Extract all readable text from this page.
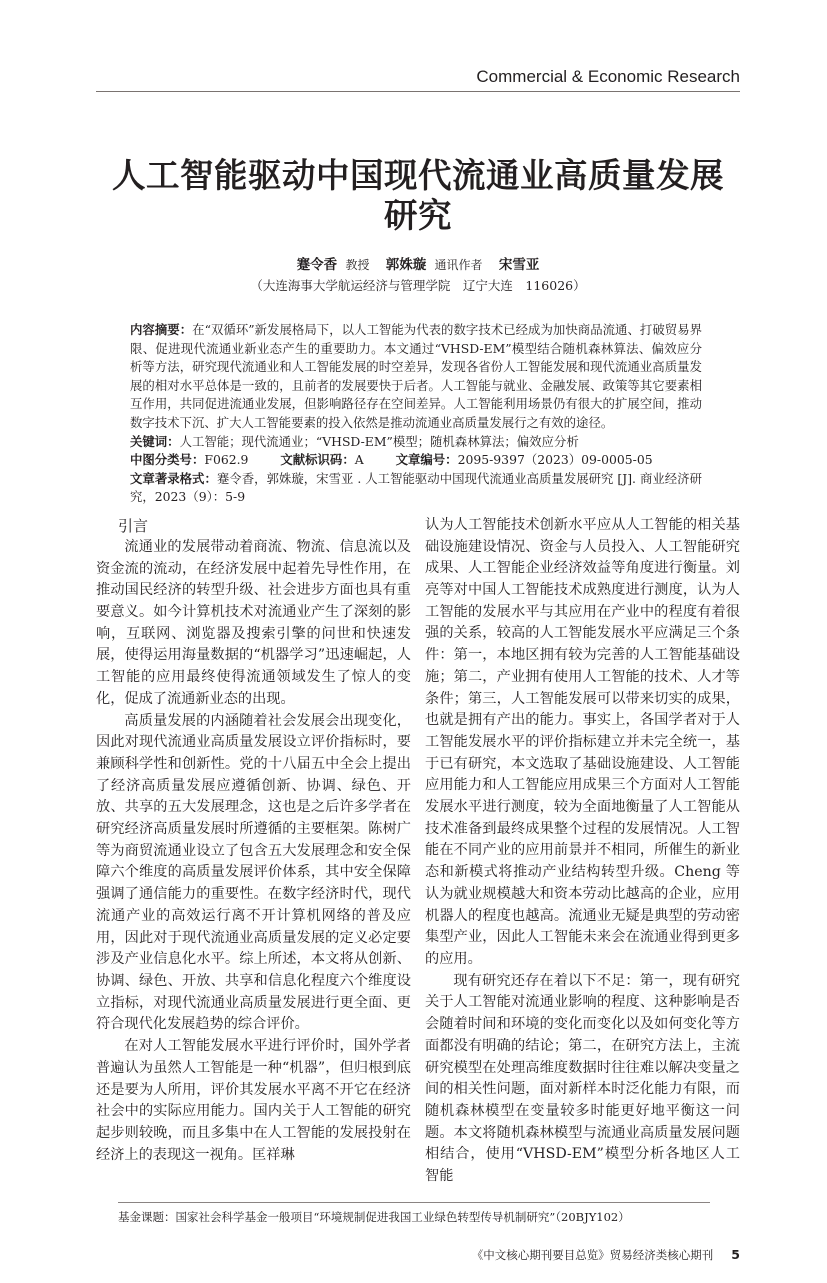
Commercial & Economic Research
人工智能驱动中国现代流通业高质量发展研究
蹇令香 教授 郭姝璇 通讯作者 宋雪亚
（大连海事大学航运经济与管理学院　辽宁大连　116026）
内容摘要：在“双循环”新发展格局下，以人工智能为代表的数字技术已经成为加快商品流通、打破贸易界限、促进现代流通业新业态产生的重要助力。本文通过“VHSD-EM”模型结合随机森林算法、偏效应分析等方法，研究现代流通业和人工智能发展的时空差异，发现各省份人工智能发展和现代流通业高质量发展的相对水平总体是一致的，且前者的发展要快于后者。人工智能与就业、金融发展、政策等其它要素相互作用，共同促进流通业发展，但影响路径存在空间差异。人工智能利用场景仍有很大的扩展空间，推动数字技术下沉、扩大人工智能要素的投入依然是推动流通业高质量发展行之有效的途径。
关键词：人工智能；现代流通业；“VHSD-EM”模型；随机森林算法；偏效应分析
中图分类号：F062.9	文献标识码：A	文章编号：2095-9397（2023）09-0005-05
文章著录格式：蹇令香，郭姝璇，宋雪亚 . 人工智能驱动中国现代流通业高质量发展研究 [J]. 商业经济研究，2023（9）：5-9
引言

流通业的发展带动着商流、物流、信息流以及资金流的流动，在经济发展中起着先导性作用，在推动国民经济的转型升级、社会进步方面也具有重要意义。如今计算机技术对流通业产生了深刻的影响，互联网、浏览器及搜索引擎的问世和快速发展，使得运用海量数据的“机器学习”迅速崛起，人工智能的应用最终使得流通领域发生了惊人的变化，促成了流通新业态的出现。

高质量发展的内涵随着社会发展会出现变化，因此对现代流通业高质量发展设立评价指标时，要兼顾科学性和创新性。党的十八届五中全会上提出了经济高质量发展应遵循创新、协调、绿色、开放、共享的五大发展理念，这也是之后许多学者在研究经济高质量发展时所遵循的主要框架。陈树广等为商贸流通业设立了包含五大发展理念和安全保障六个维度的高质量发展评价体系，其中安全保障强调了通信能力的重要性。在数字经济时代，现代流通产业的高效运行离不开计算机网络的普及应用，因此对于现代流通业高质量发展的定义必定要涉及产业信息化水平。综上所述，本文将从创新、协调、绿色、开放、共享和信息化程度六个维度设立指标，对现代流通业高质量发展进行更全面、更符合现代化发展趋势的综合评价。

在对人工智能发展水平进行评价时，国外学者普遍认为虽然人工智能是一种“机器”，但归根到底还是要为人所用，评价其发展水平离不开它在经济社会中的实际应用能力。国内关于人工智能的研究起步则较晚，而且多集中在人工智能的发展投射在经济上的表现这一视角。匡祥琳

认为人工智能技术创新水平应从人工智能的相关基础设施建设情况、资金与人员投入、人工智能研究成果、人工智能企业经济效益等角度进行衡量。刘亮等对中国人工智能技术成熟度进行测度，认为人工智能的发展水平与其应用在产业中的程度有着很强的关系，较高的人工智能发展水平应满足三个条件：第一，本地区拥有较为完善的人工智能基础设施；第二，产业拥有使用人工智能的技术、人才等条件；第三，人工智能发展可以带来切实的成果，也就是拥有产出的能力。事实上，各国学者对于人工智能发展水平的评价指标建立并未完全统一，基于已有研究，本文选取了基础设施建设、人工智能应用能力和人工智能应用成果三个方面对人工智能发展水平进行测度，较为全面地衡量了人工智能从技术准备到最终成果整个过程的发展情况。人工智能在不同产业的应用前景并不相同，所催生的新业态和新模式将推动产业结构转型升级。Cheng 等认为就业规模越大和资本劳动比越高的企业，应用机器人的程度也越高。流通业无疑是典型的劳动密集型产业，因此人工智能未来会在流通业得到更多的应用。

现有研究还存在着以下不足：第一，现有研究关于人工智能对流通业影响的程度、这种影响是否会随着时间和环境的变化而变化以及如何变化等方面都没有明确的结论；第二，在研究方法上，主流研究模型在处理高维度数据时往往难以解决变量之间的相关性问题，面对新样本时泛化能力有限，而随机森林模型在变量较多时能更好地平衡这一问题。本文将随机森林模型与流通业高质量发展问题相结合，使用“VHSD-EM”模型分析各地区人工智能

基金课题：国家社会科学基金一般项目“环境规制促进我国工业绿色转型传导机制研究”（20BJY102）
《中文核心期刊要目总览》贸易经济类核心期刊 5
